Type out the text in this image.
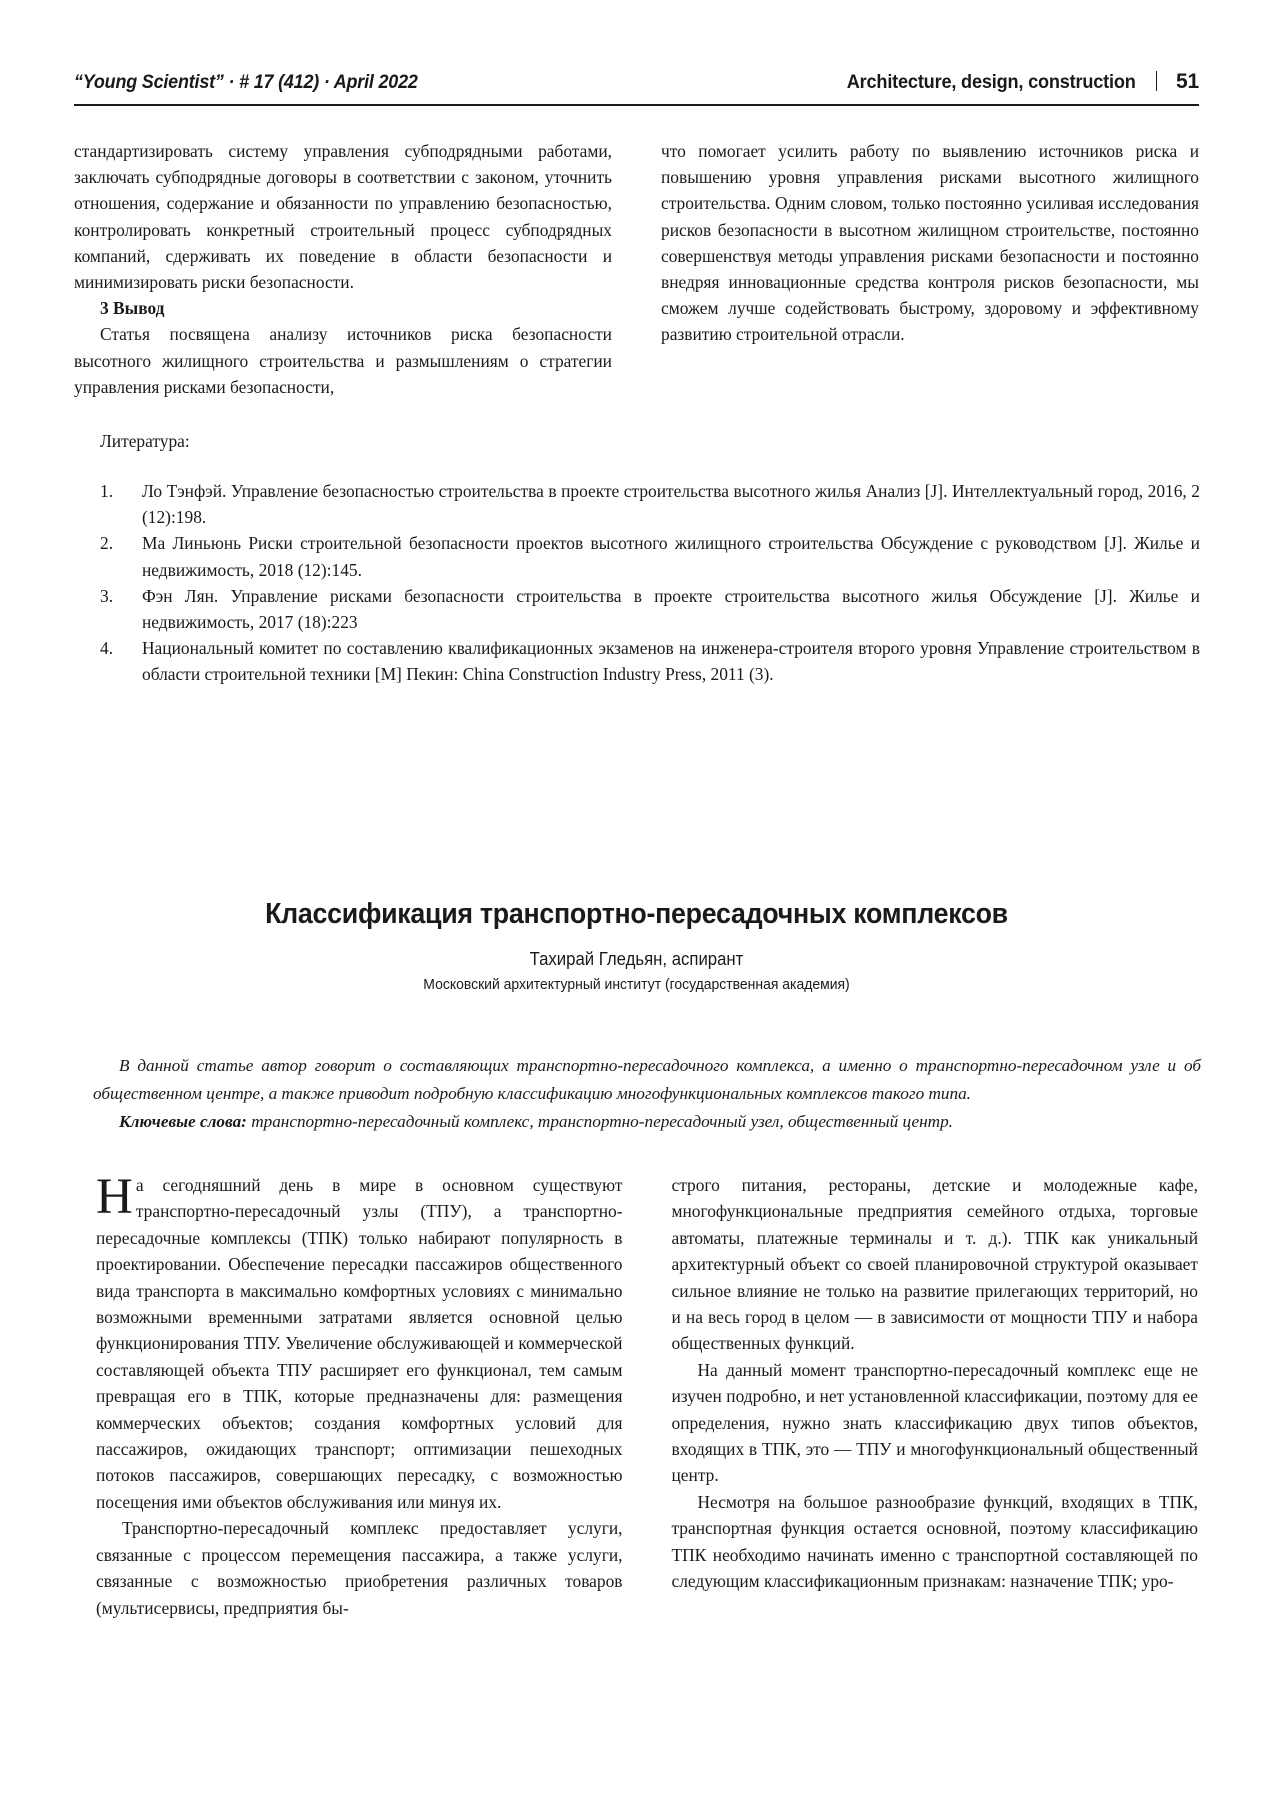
“Young Scientist” · # 17 (412) · April 2022	Architecture, design, construction 51

стандартизировать систему управления субподрядными работами, заключать субподрядные договоры в соответствии с законом, уточнить отношения, содержание и обязанности по управлению безопасностью, контролировать конкретный строительный процесс субподрядных компаний, сдерживать их поведение в области безопасности и минимизировать риски безопасности.

3 Вывод

Статья посвящена анализу источников риска безопасности высотного жилищного строительства и размышлениям о стратегии управления рисками безопасности,

что помогает усилить работу по выявлению источников риска и повышению уровня управления рисками высотного жилищного строительства. Одним словом, только постоянно усиливая исследования рисков безопасности в высотном жилищном строительстве, постоянно совершенствуя методы управления рисками безопасности и постоянно внедряя инновационные средства контроля рисков безопасности, мы сможем лучше содействовать быстрому, здоровому и эффективному развитию строительной отрасли.

Литература:
1.	Ло Тэнфэй. Управление безопасностью строительства в проекте строительства высотного жилья Анализ [J]. Интеллектуальный город, 2016, 2 (12):198.
2.	Ма Линьюнь Риски строительной безопасности проектов высотного жилищного строительства Обсуждение с руководством [J]. Жилье и недвижимость, 2018 (12):145.
3.	Фэн Лян. Управление рисками безопасности строительства в проекте строительства высотного жилья Обсуждение [J]. Жилье и недвижимость, 2017 (18):223
4.	Национальный комитет по составлению квалификационных экзаменов на инженера-строителя второго уровня Управление строительством в области строительной техники [M] Пекин: China Construction Industry Press, 2011 (3).
Классификация транспортно-пересадочных комплексов
Тахирай Гледьян, аспирант
Московский архитектурный институт (государственная академия)

В данной статье автор говорит о составляющих транспортно-пересадочного комплекса, а именно о транспортно-пересадочном узле и об общественном центре, а также приводит подробную классификацию многофункциональных комплексов такого типа.

Ключевые слова: транспортно-пересадочный комплекс, транспортно-пересадочный узел, общественный центр.

На сегодняшний день в мире в основном существуют транспортно-пересадочный узлы (ТПУ), а транспортно-пересадочные комплексы (ТПК) только набирают популярность в проектировании. Обеспечение пересадки пассажиров общественного вида транспорта в максимально комфортных условиях с минимально возможными временными затратами является основной целью функционирования ТПУ. Увеличение обслуживающей и коммерческой составляющей объекта ТПУ расширяет его функционал, тем самым превращая его в ТПК, которые предназначены для: размещения коммерческих объектов; создания комфортных условий для пассажиров, ожидающих транспорт; оптимизации пешеходных потоков пассажиров, совершающих пересадку, с возможностью посещения ими объектов обслуживания или минуя их.

Транспортно-пересадочный комплекс предоставляет услуги, связанные с процессом перемещения пассажира, а также услуги, связанные с возможностью приобретения различных товаров (мультисервисы, предприятия бы-

строго питания, рестораны, детские и молодежные кафе, многофункциональные предприятия семейного отдыха, торговые автоматы, платежные терминалы и т. д.). ТПК как уникальный архитектурный объект со своей планировочной структурой оказывает сильное влияние не только на развитие прилегающих территорий, но и на весь город в целом — в зависимости от мощности ТПУ и набора общественных функций.

На данный момент транспортно-пересадочный комплекс еще не изучен подробно, и нет установленной классификации, поэтому для ее определения, нужно знать классификацию двух типов объектов, входящих в ТПК, это — ТПУ и многофункциональный общественный центр.

Несмотря на большое разнообразие функций, входящих в ТПК, транспортная функция остается основной, поэтому классификацию ТПК необходимо начинать именно с транспортной составляющей по следующим классификационным признакам: назначение ТПК; уро-
